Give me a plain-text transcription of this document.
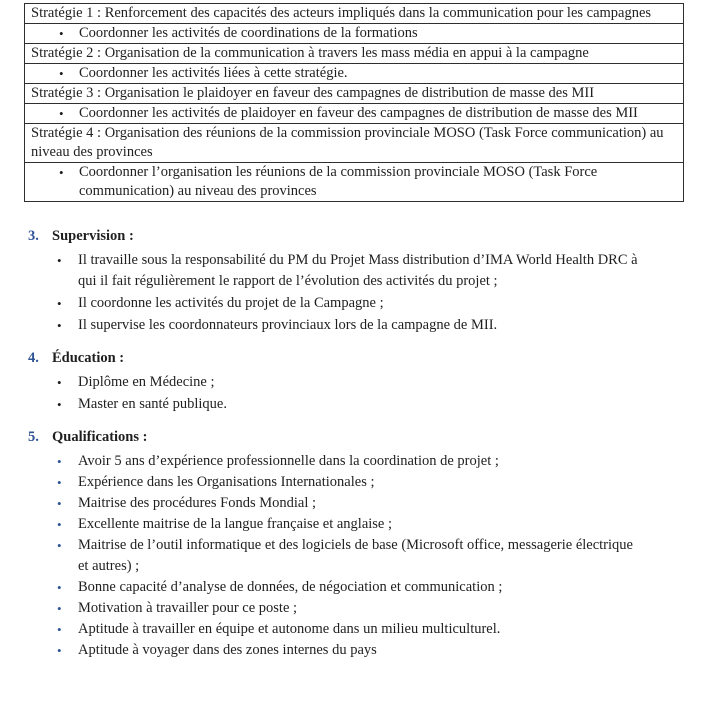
Stratégie 1 : Renforcement des capacités des acteurs impliqués dans la communication pour les campagnes
•	Coordonner les activités de coordinations de la formations
Stratégie 2 : Organisation de la communication à travers les mass média en appui à la campagne
•	Coordonner les activités liées à cette stratégie.
Stratégie 3 : Organisation le plaidoyer en faveur des campagnes de distribution de masse des MII
•	Coordonner les activités de plaidoyer en faveur des campagnes de distribution de masse des MII
Stratégie 4 : Organisation des réunions de la commission provinciale MOSO (Task Force communication) au niveau des provinces
•	Coordonner l’organisation les réunions de la commission provinciale MOSO (Task Force communication) au niveau des provinces
3. Supervision :
•	Il travaille sous la responsabilité du PM du Projet Mass distribution d’IMA World Health DRC à qui il fait régulièrement le rapport de l’évolution des activités du projet ;
•	Il coordonne les activités du projet de la Campagne ;
•	Il supervise les coordonnateurs provinciaux lors de la campagne de MII.
4. Éducation :
•	Diplôme en Médecine ;
•	Master en santé publique.
5. Qualifications :
•	Avoir 5 ans d’expérience professionnelle dans la coordination de projet ;
•	Expérience dans les Organisations Internationales ;
•	Maitrise des procédures Fonds Mondial ;
•	Excellente maitrise de la langue française et anglaise ;
•	Maitrise de l’outil informatique et des logiciels de base (Microsoft office, messagerie électrique et autres) ;
•	Bonne capacité d’analyse de données, de négociation et communication ;
•	Motivation à travailler pour ce poste ;
•	Aptitude à travailler en équipe et autonome dans un milieu multiculturel.
•	Aptitude à voyager dans des zones internes du pays
